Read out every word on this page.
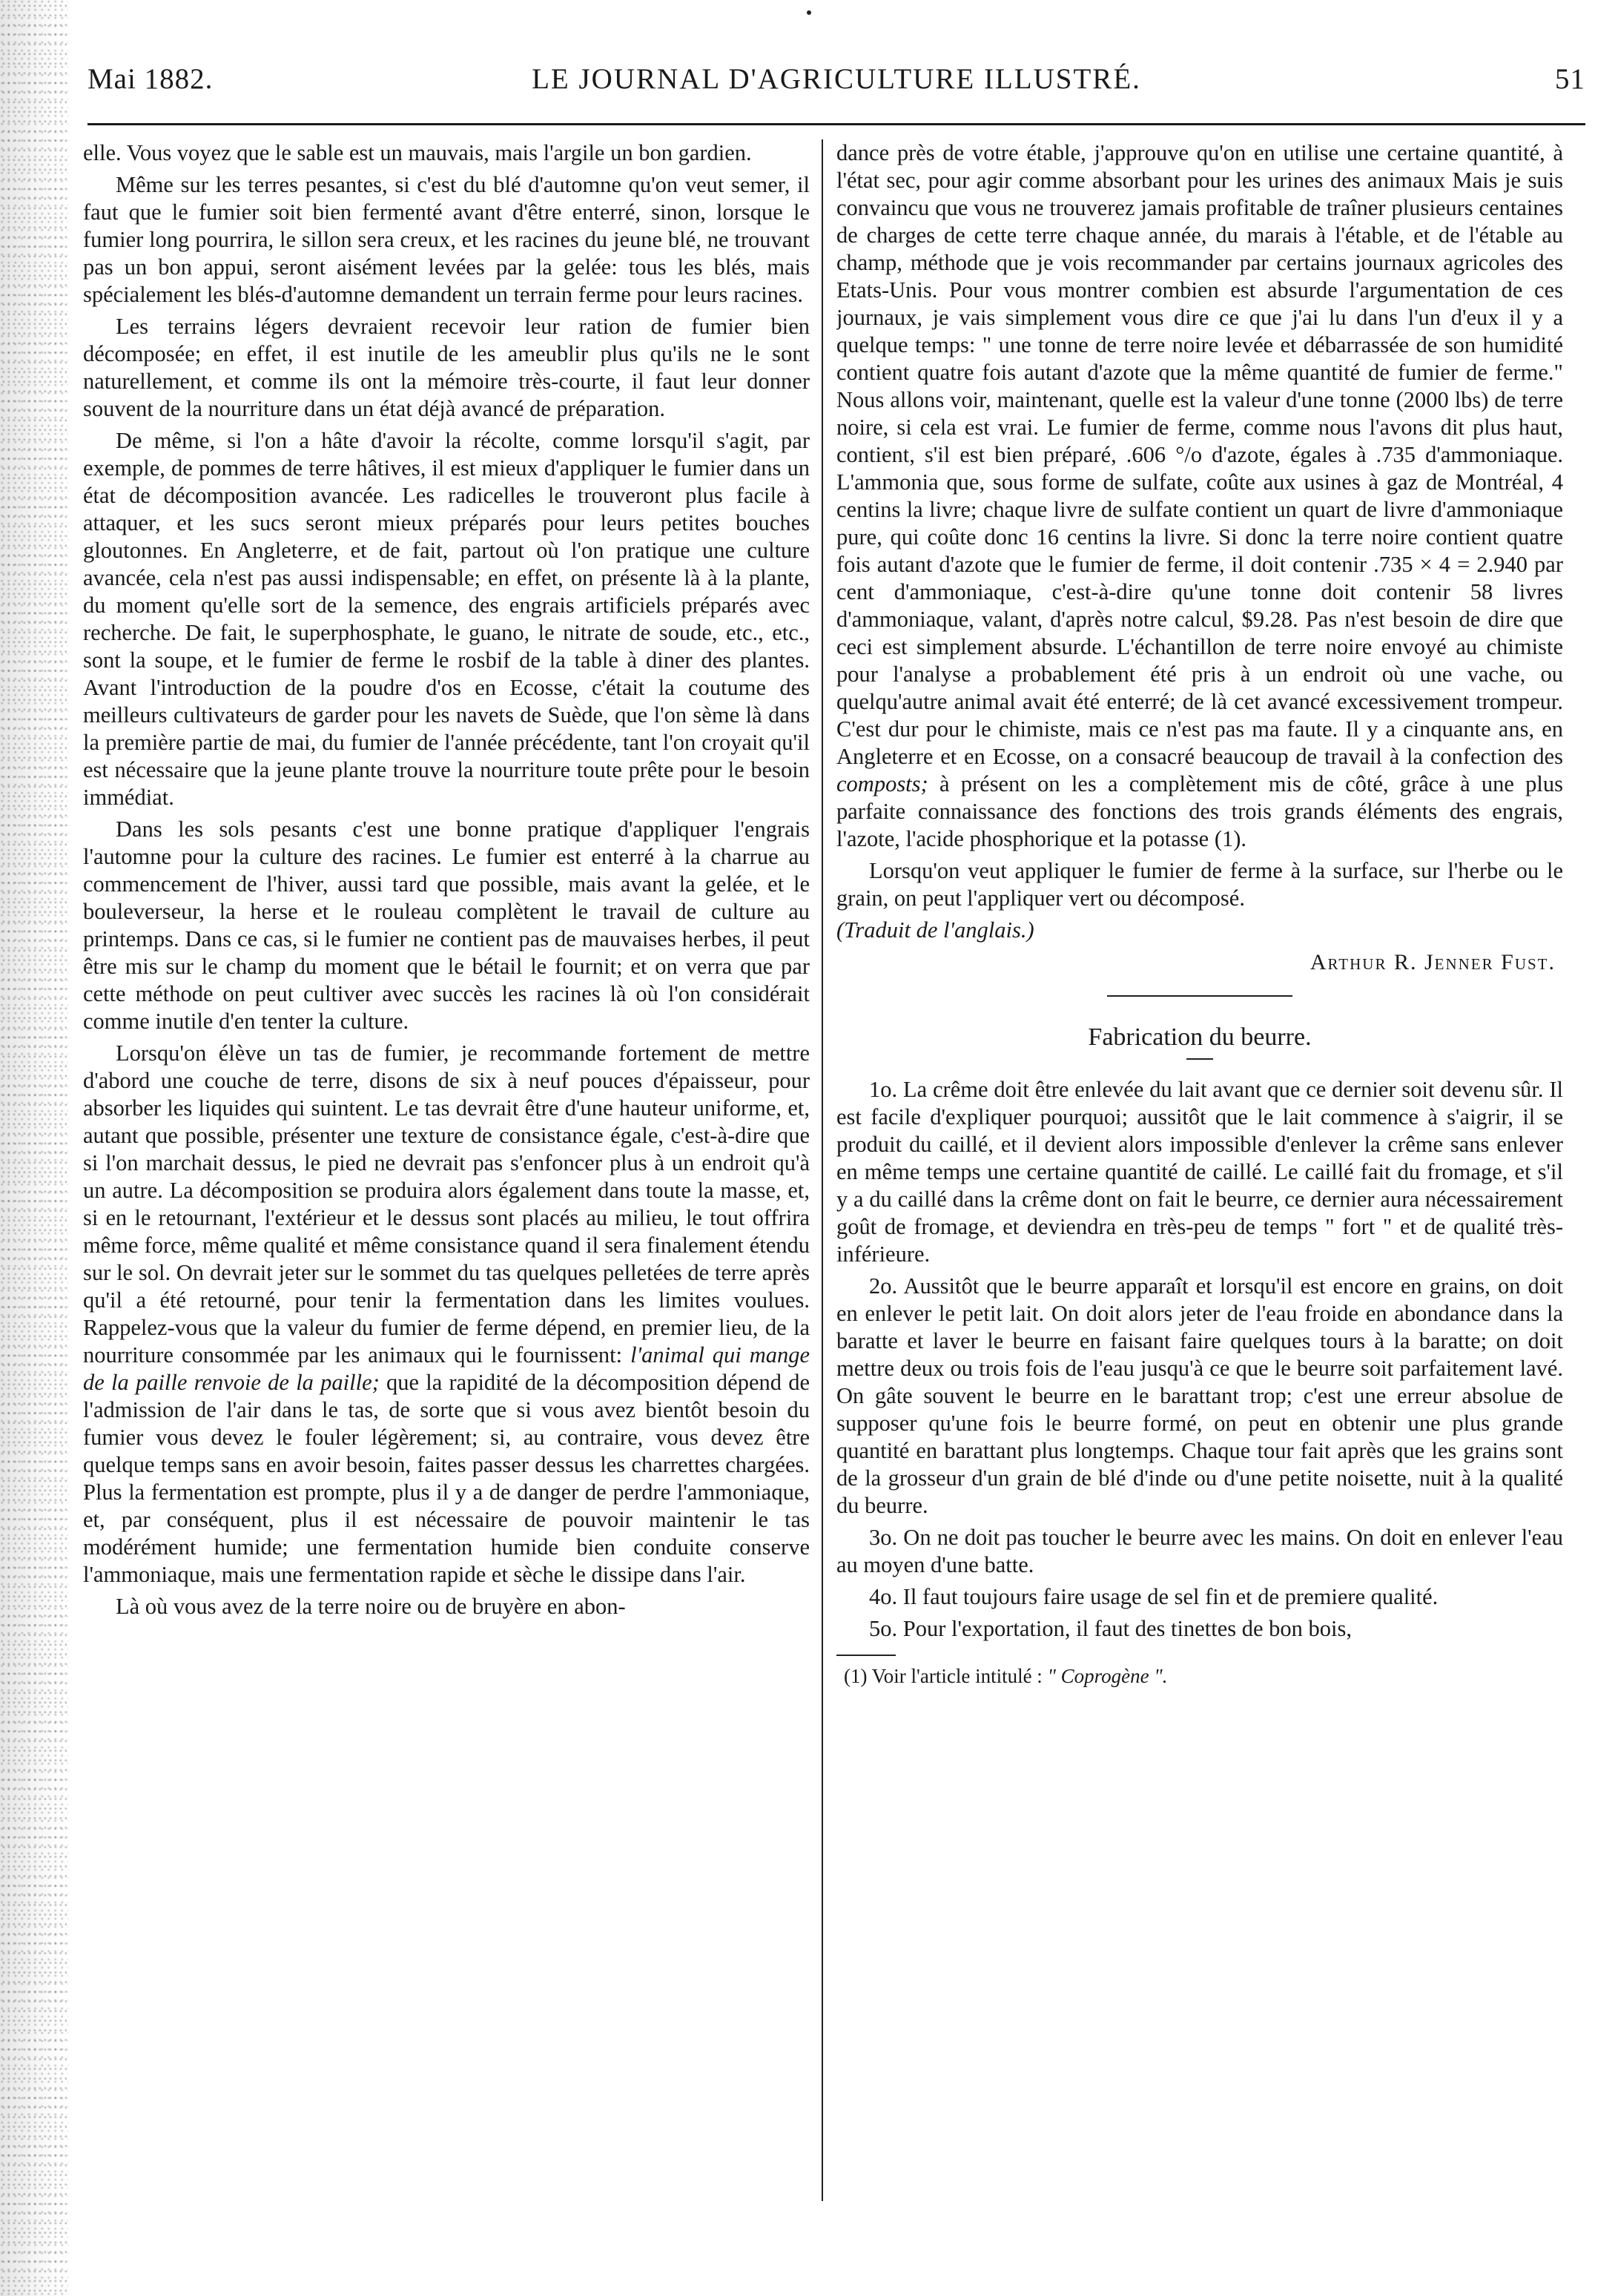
Mai 1882.	LE JOURNAL D'AGRICULTURE ILLUSTRÉ.	51

elle. Vous voyez que le sable est un mauvais, mais l'argile un bon gardien.

Même sur les terres pesantes, si c'est du blé d'automne qu'on veut semer, il faut que le fumier soit bien fermenté avant d'être enterré, sinon, lorsque le fumier long pourrira, le sillon sera creux, et les racines du jeune blé, ne trouvant pas un bon appui, seront aisément levées par la gelée: tous les blés, mais spécialement les blés-d'automne demandent un terrain ferme pour leurs racines.

Les terrains légers devraient recevoir leur ration de fumier bien décomposée; en effet, il est inutile de les ameublir plus qu'ils ne le sont naturellement, et comme ils ont la mémoire très-courte, il faut leur donner souvent de la nourriture dans un état déjà avancé de préparation.

De même, si l'on a hâte d'avoir la récolte, comme lorsqu'il s'agit, par exemple, de pommes de terre hâtives, il est mieux d'appliquer le fumier dans un état de décomposition avancée. Les radicelles le trouveront plus facile à attaquer, et les sucs seront mieux préparés pour leurs petites bouches gloutonnes. En Angleterre, et de fait, partout où l'on pratique une culture avancée, cela n'est pas aussi indispensable; en effet, on présente là à la plante, du moment qu'elle sort de la semence, des engrais artificiels préparés avec recherche. De fait, le superphosphate, le guano, le nitrate de soude, etc., etc., sont la soupe, et le fumier de ferme le rosbif de la table à diner des plantes. Avant l'introduction de la poudre d'os en Ecosse, c'était la coutume des meilleurs cultivateurs de garder pour les navets de Suède, que l'on sème là dans la première partie de mai, du fumier de l'année précédente, tant l'on croyait qu'il est nécessaire que la jeune plante trouve la nourriture toute prête pour le besoin immédiat.

Dans les sols pesants c'est une bonne pratique d'appliquer l'engrais l'automne pour la culture des racines. Le fumier est enterré à la charrue au commencement de l'hiver, aussi tard que possible, mais avant la gelée, et le bouleverseur, la herse et le rouleau complètent le travail de culture au printemps. Dans ce cas, si le fumier ne contient pas de mauvaises herbes, il peut être mis sur le champ du moment que le bétail le fournit; et on verra que par cette méthode on peut cultiver avec succès les racines là où l'on considérait comme inutile d'en tenter la culture.

Lorsqu'on élève un tas de fumier, je recommande fortement de mettre d'abord une couche de terre, disons de six à neuf pouces d'épaisseur, pour absorber les liquides qui suintent. Le tas devrait être d'une hauteur uniforme, et, autant que possible, présenter une texture de consistance égale, c'est-à-dire que si l'on marchait dessus, le pied ne devrait pas s'enfoncer plus à un endroit qu'à un autre. La décomposition se produira alors également dans toute la masse, et, si en le retournant, l'extérieur et le dessus sont placés au milieu, le tout offrira même force, même qualité et même consistance quand il sera finalement étendu sur le sol. On devrait jeter sur le sommet du tas quelques pelletées de terre après qu'il a été retourné, pour tenir la fermentation dans les limites voulues. Rappelez-vous que la valeur du fumier de ferme dépend, en premier lieu, de la nourriture consommée par les animaux qui le fournissent: l'animal qui mange de la paille renvoie de la paille; que la rapidité de la décomposition dépend de l'admission de l'air dans le tas, de sorte que si vous avez bientôt besoin du fumier vous devez le fouler légèrement; si, au contraire, vous devez être quelque temps sans en avoir besoin, faites passer dessus les charrettes chargées. Plus la fermentation est prompte, plus il y a de danger de perdre l'ammoniaque, et, par conséquent, plus il est nécessaire de pouvoir maintenir le tas modérément humide; une fermentation humide bien conduite conserve l'ammoniaque, mais une fermentation rapide et sèche le dissipe dans l'air.

Là où vous avez de la terre noire ou de bruyère en abon-

dance près de votre étable, j'approuve qu'on en utilise une certaine quantité, à l'état sec, pour agir comme absorbant pour les urines des animaux Mais je suis convaincu que vous ne trouverez jamais profitable de traîner plusieurs centaines de charges de cette terre chaque année, du marais à l'étable, et de l'étable au champ, méthode que je vois recommander par certains journaux agricoles des Etats-Unis. Pour vous montrer combien est absurde l'argumentation de ces journaux, je vais simplement vous dire ce que j'ai lu dans l'un d'eux il y a quelque temps: " une tonne de terre noire levée et débarrassée de son humidité contient quatre fois autant d'azote que la même quantité de fumier de ferme." Nous allons voir, maintenant, quelle est la valeur d'une tonne (2000 lbs) de terre noire, si cela est vrai. Le fumier de ferme, comme nous l'avons dit plus haut, contient, s'il est bien préparé, .606 °/o d'azote, égales à .735 d'ammoniaque. L'ammonia que, sous forme de sulfate, coûte aux usines à gaz de Montréal, 4 centins la livre; chaque livre de sulfate contient un quart de livre d'ammoniaque pure, qui coûte donc 16 centins la livre. Si donc la terre noire contient quatre fois autant d'azote que le fumier de ferme, il doit contenir .735 × 4 = 2.940 par cent d'ammoniaque, c'est-à-dire qu'une tonne doit contenir 58 livres d'ammoniaque, valant, d'après notre calcul, $9.28. Pas n'est besoin de dire que ceci est simplement absurde. L'échantillon de terre noire envoyé au chimiste pour l'analyse a probablement été pris à un endroit où une vache, ou quelqu'autre animal avait été enterré; de là cet avancé excessivement trompeur. C'est dur pour le chimiste, mais ce n'est pas ma faute. Il y a cinquante ans, en Angleterre et en Ecosse, on a consacré beaucoup de travail à la confection des composts; à présent on les a complètement mis de côté, grâce à une plus parfaite connaissance des fonctions des trois grands éléments des engrais, l'azote, l'acide phosphorique et la potasse (1).

Lorsqu'on veut appliquer le fumier de ferme à la surface, sur l'herbe ou le grain, on peut l'appliquer vert ou décomposé.

(Traduit de l'anglais.)

Arthur R. Jenner Fust.
Fabrication du beurre.

1o. La crême doit être enlevée du lait avant que ce dernier soit devenu sûr. Il est facile d'expliquer pourquoi; aussitôt que le lait commence à s'aigrir, il se produit du caillé, et il devient alors impossible d'enlever la crême sans enlever en même temps une certaine quantité de caillé. Le caillé fait du fromage, et s'il y a du caillé dans la crême dont on fait le beurre, ce dernier aura nécessairement goût de fromage, et deviendra en très-peu de temps " fort " et de qualité très-inférieure.

2o. Aussitôt que le beurre apparaît et lorsqu'il est encore en grains, on doit en enlever le petit lait. On doit alors jeter de l'eau froide en abondance dans la baratte et laver le beurre en faisant faire quelques tours à la baratte; on doit mettre deux ou trois fois de l'eau jusqu'à ce que le beurre soit parfaitement lavé. On gâte souvent le beurre en le barattant trop; c'est une erreur absolue de supposer qu'une fois le beurre formé, on peut en obtenir une plus grande quantité en barattant plus longtemps. Chaque tour fait après que les grains sont de la grosseur d'un grain de blé d'inde ou d'une petite noisette, nuit à la qualité du beurre.

3o. On ne doit pas toucher le beurre avec les mains. On doit en enlever l'eau au moyen d'une batte.

4o. Il faut toujours faire usage de sel fin et de premiere qualité.

5o. Pour l'exportation, il faut des tinettes de bon bois,

(1) Voir l'article intitulé : " Coprogène ".
